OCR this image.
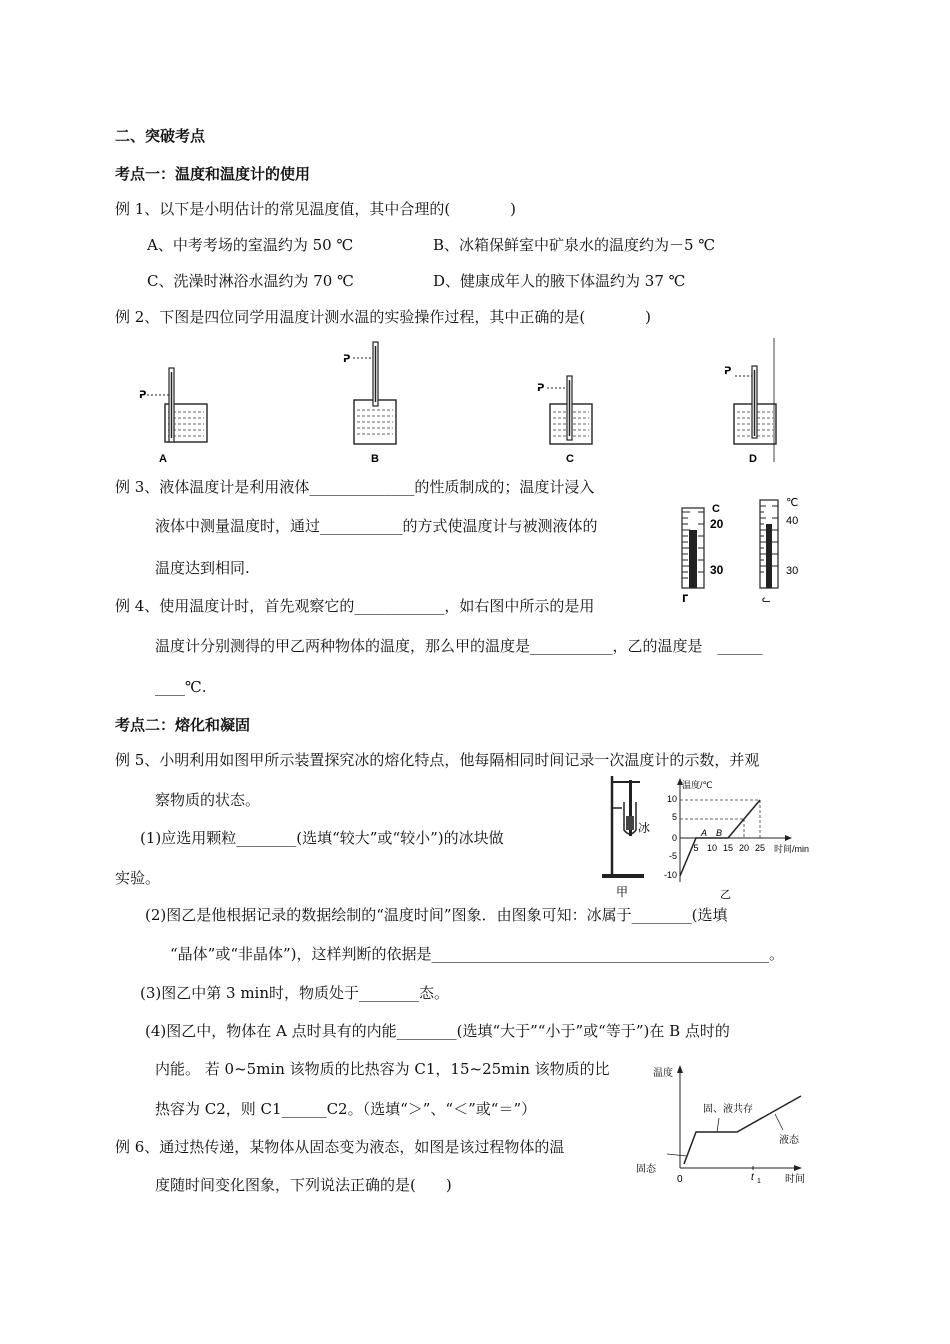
二、突破考点
考点一：温度和温度计的使用
例 1、以下是小明估计的常见温度值，其中合理的(　　　　)
A、中考考场的室温约为 50 ℃	B、冰箱保鲜室中矿泉水的温度约为－5 ℃
C、洗澡时淋浴水温约为 70 ℃	D、健康成年人的腋下体温约为 37 ℃
例 2、下图是四位同学用温度计测水温的实验操作过程，其中正确的是(　　　　)
ᕈ
ᕈ
ᕈ
ᕈ
A	B	C	D
例 3、液体温度计是利用液体______________的性质制成的；温度计浸入
液体中测量温度时，通过___________的方式使温度计与被测液体的
温度达到相同.
ᒥ
C
20
30
ᓚ
℃
40
30
例 4、使用温度计时，首先观察它的____________，如右图中所示的是用
温度计分别测得的甲乙两种物体的温度，那么甲的温度是___________，乙的温度是　______
____℃.
考点二：熔化和凝固
例 5、小明利用如图甲所示装置探究冰的熔化特点，他每隔相同时间记录一次温度计的示数，并观
察物质的状态。
(1)应选用颗粒________(选填“较大”或“较小”)的冰块做
实验。
冰
甲
温度/℃
时间/min
10
5
0
-5
-10
5 10 15 20 25
A B
乙
(2)图乙是他根据记录的数据绘制的“温度时间”图象．由图象可知：冰属于________(选填
“晶体”或“非晶体”)，这样判断的依据是_____________________________________________。
(3)图乙中第 3 min时，物质处于________态。
(4)图乙中，物体在 A 点时具有的内能________(选填“大于”“小于”或“等于”)在 B 点时的
内能。 若 0~5min 该物质的比热容为 C1，15~25min 该物质的比
热容为 C2，则 C1______C2。（选填“＞”、“＜”或“＝”）
例 6、通过热传递，某物体从固态变为液态，如图是该过程物体的温
度随时间变化图象，下列说法正确的是(　　)
温度
时间
0	t 1
固态
固、液共存
液态
